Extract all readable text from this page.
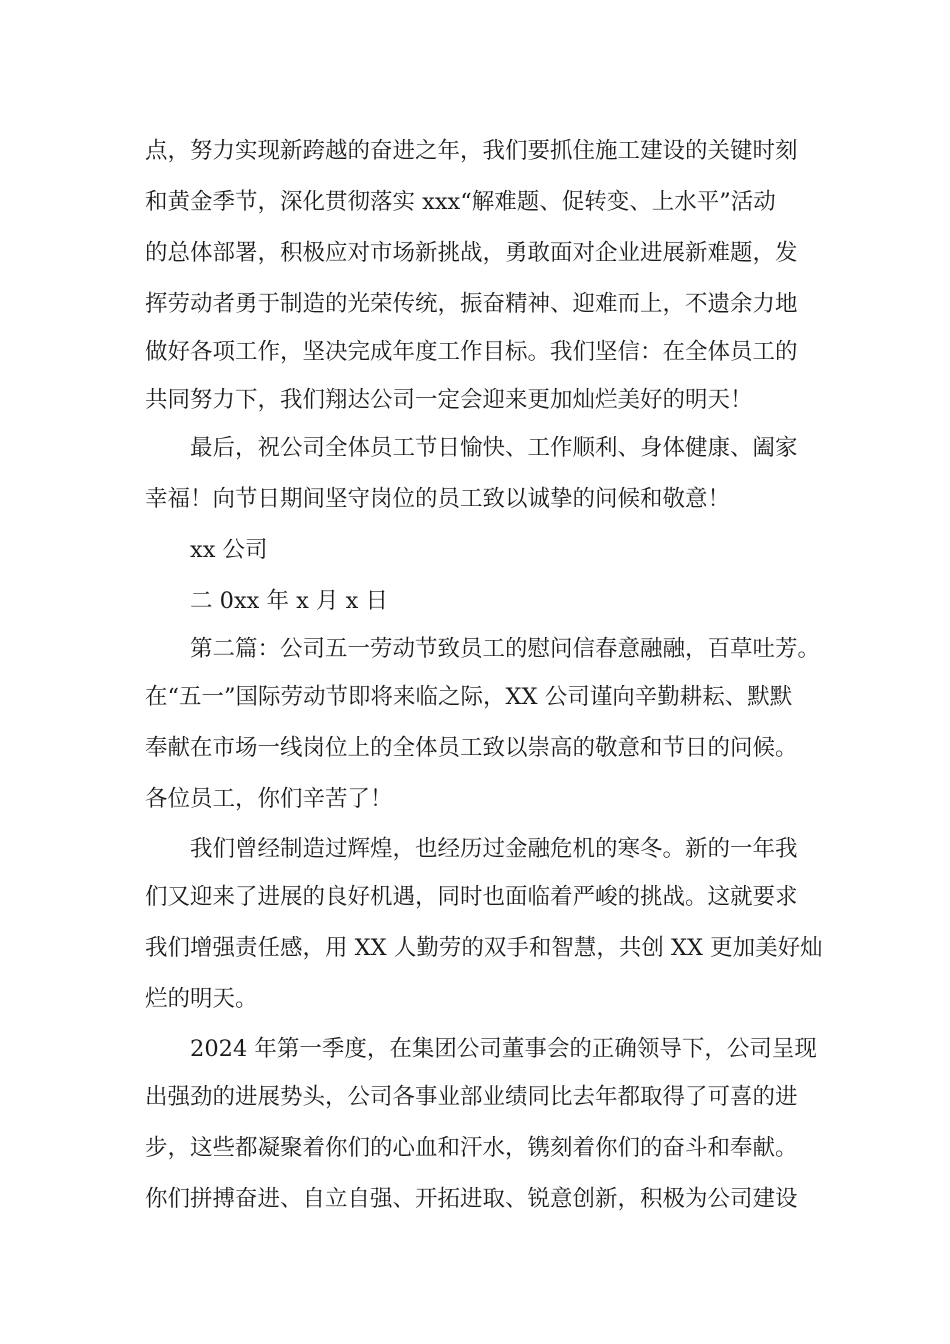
点，努力实现新跨越的奋进之年，我们要抓住施工建设的关键时刻
和黄金季节，深化贯彻落实 xxx“解难题、促转变、上水平”活动
的总体部署，积极应对市场新挑战，勇敢面对企业进展新难题，发
挥劳动者勇于制造的光荣传统，振奋精神、迎难而上，不遗余力地
做好各项工作，坚决完成年度工作目标。我们坚信：在全体员工的
共同努力下，我们翔达公司一定会迎来更加灿烂美好的明天！
最后，祝公司全体员工节日愉快、工作顺利、身体健康、阖家
幸福！向节日期间坚守岗位的员工致以诚挚的问候和敬意！
xx 公司
二 0xx 年 x 月 x 日
第二篇：公司五一劳动节致员工的慰问信春意融融，百草吐芳。
在“五一”国际劳动节即将来临之际，XX 公司谨向辛勤耕耘、默默
奉献在市场一线岗位上的全体员工致以崇高的敬意和节日的问候。
各位员工，你们辛苦了！
我们曾经制造过辉煌，也经历过金融危机的寒冬。新的一年我
们又迎来了进展的良好机遇，同时也面临着严峻的挑战。这就要求
我们增强责任感，用 XX 人勤劳的双手和智慧，共创 XX 更加美好灿
烂的明天。
2024 年第一季度，在集团公司董事会的正确领导下，公司呈现
出强劲的进展势头，公司各事业部业绩同比去年都取得了可喜的进
步，这些都凝聚着你们的心血和汗水，镌刻着你们的奋斗和奉献。
你们拼搏奋进、自立自强、开拓进取、锐意创新，积极为公司建设
